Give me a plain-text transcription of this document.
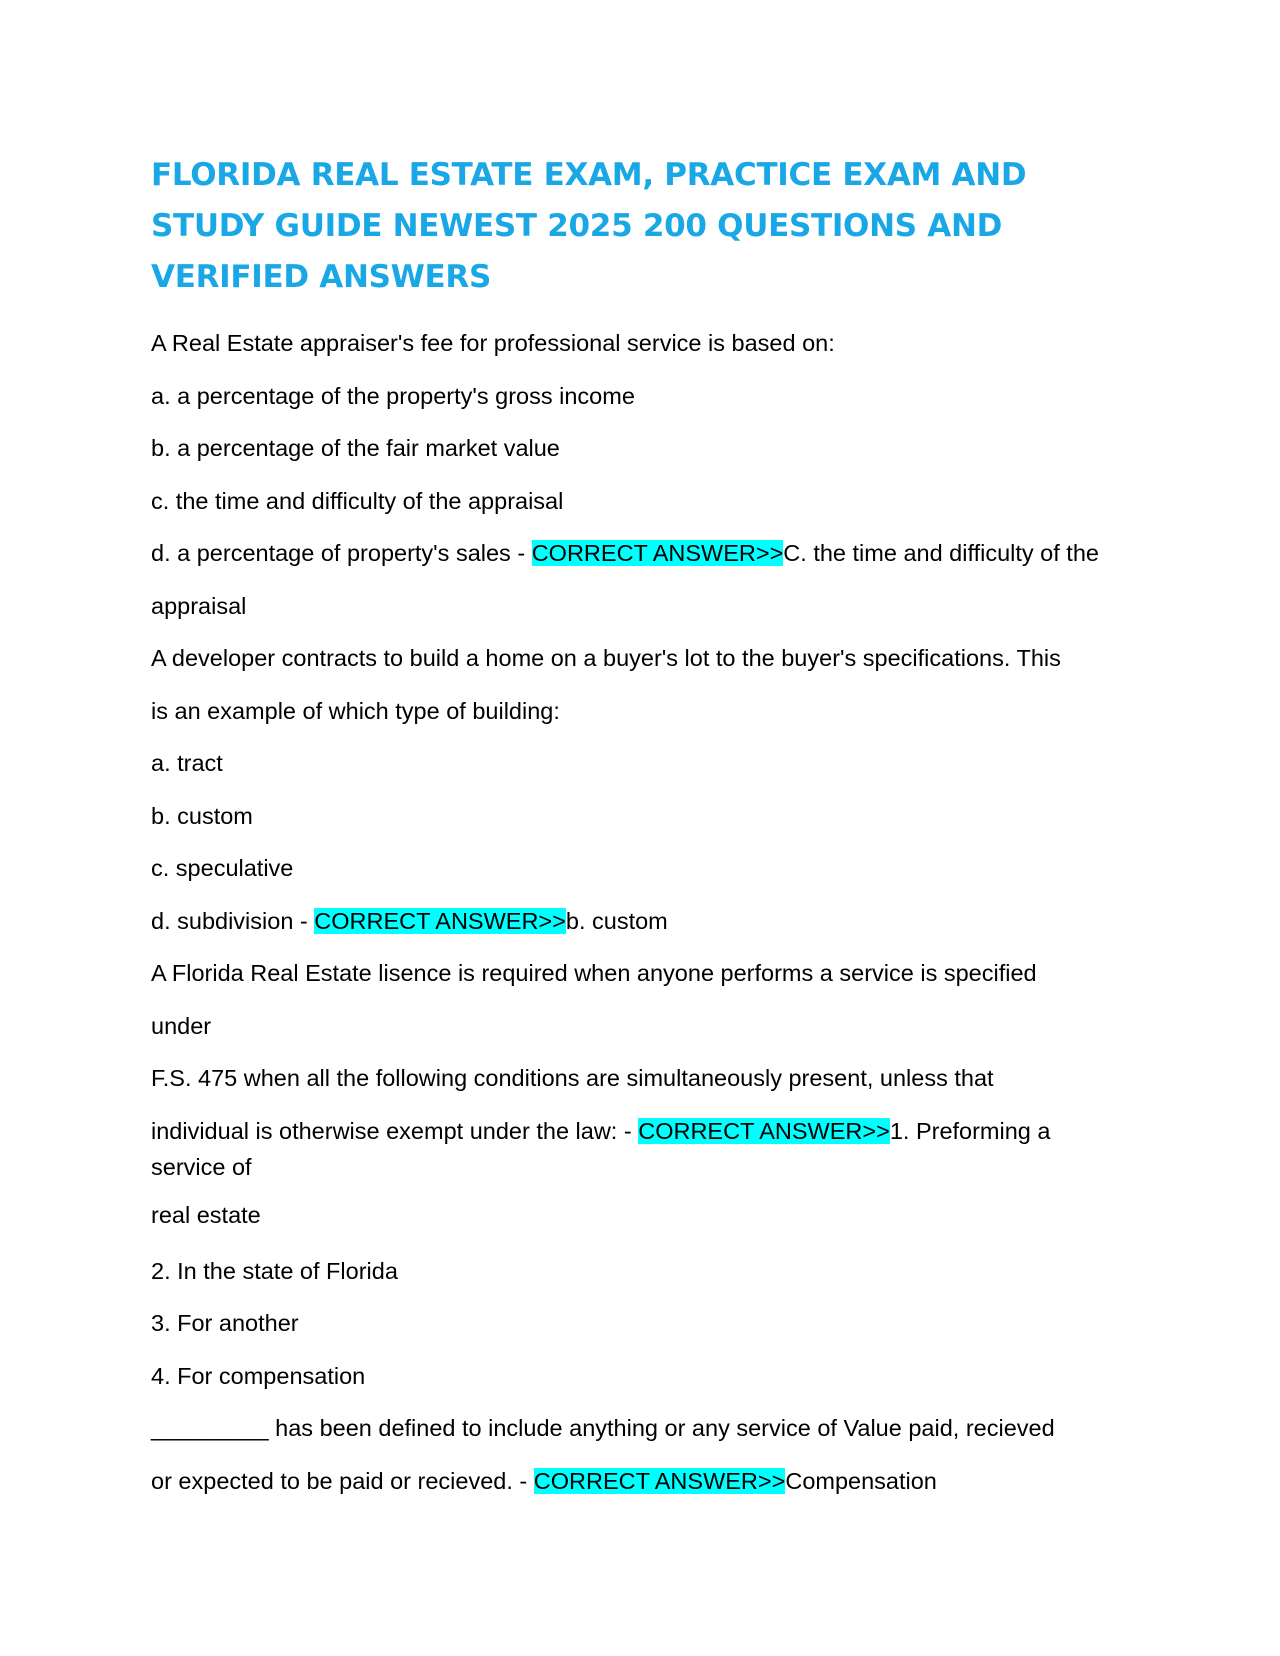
FLORIDA REAL ESTATE EXAM, PRACTICE EXAM AND STUDY GUIDE NEWEST 2025 200 QUESTIONS AND VERIFIED ANSWERS

A Real Estate appraiser's fee for professional service is based on:

a. a percentage of the property's gross income

b. a percentage of the fair market value

c. the time and difficulty of the appraisal

d. a percentage of property's sales - CORRECT ANSWER>>C. the time and difficulty of the

appraisal

A developer contracts to build a home on a buyer's lot to the buyer's specifications. This

is an example of which type of building:

a. tract

b. custom

c. speculative

d. subdivision - CORRECT ANSWER>>b. custom

A Florida Real Estate lisence is required when anyone performs a service is specified

under

F.S. 475 when all the following conditions are simultaneously present, unless that

individual is otherwise exempt under the law: - CORRECT ANSWER>>1. Preforming a

service of

real estate

2. In the state of Florida

3. For another

4. For compensation

_________ has been defined to include anything or any service of Value paid, recieved

or expected to be paid or recieved. - CORRECT ANSWER>>Compensation
